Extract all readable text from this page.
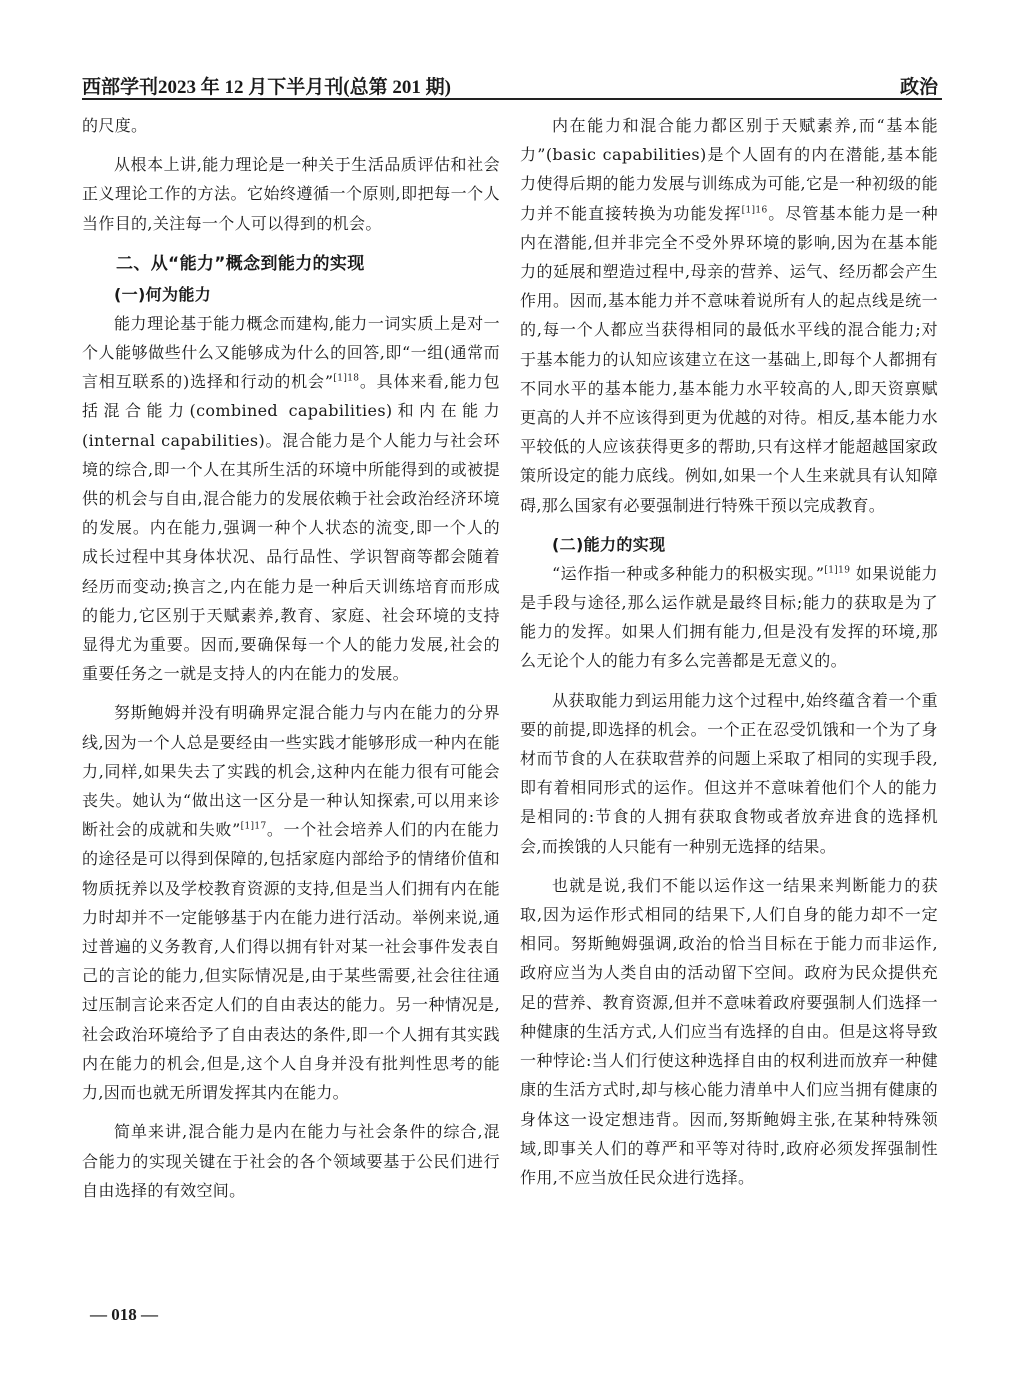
西部学刊2023 年 12 月下半月刊(总第 201 期)	政治

的尺度。

从根本上讲,能力理论是一种关于生活品质评估和社会正义理论工作的方法。它始终遵循一个原则,即把每一个人当作目的,关注每一个人可以得到的机会。

二、从“能力”概念到能力的实现
(一)何为能力

能力理论基于能力概念而建构,能力一词实质上是对一个人能够做些什么又能够成为什么的回答,即“一组(通常而言相互联系的)选择和行动的机会”$^{[1]18}$。具体来看,能力包括混合能力(combined capabilities)和内在能力(internal capabilities)。混合能力是个人能力与社会环境的综合,即一个人在其所生活的环境中所能得到的或被提供的机会与自由,混合能力的发展依赖于社会政治经济环境的发展。内在能力,强调一种个人状态的流变,即一个人的成长过程中其身体状况、品行品性、学识智商等都会随着经历而变动;换言之,内在能力是一种后天训练培育而形成的能力,它区别于天赋素养,教育、家庭、社会环境的支持显得尤为重要。因而,要确保每一个人的能力发展,社会的重要任务之一就是支持人的内在能力的发展。

努斯鲍姆并没有明确界定混合能力与内在能力的分界线,因为一个人总是要经由一些实践才能够形成一种内在能力,同样,如果失去了实践的机会,这种内在能力很有可能会丧失。她认为“做出这一区分是一种认知探索,可以用来诊断社会的成就和失败”$^{[1]17}$。一个社会培养人们的内在能力的途径是可以得到保障的,包括家庭内部给予的情绪价值和物质抚养以及学校教育资源的支持,但是当人们拥有内在能力时却并不一定能够基于内在能力进行活动。举例来说,通过普遍的义务教育,人们得以拥有针对某一社会事件发表自己的言论的能力,但实际情况是,由于某些需要,社会往往通过压制言论来否定人们的自由表达的能力。另一种情况是,社会政治环境给予了自由表达的条件,即一个人拥有其实践内在能力的机会,但是,这个人自身并没有批判性思考的能力,因而也就无所谓发挥其内在能力。

简单来讲,混合能力是内在能力与社会条件的综合,混合能力的实现关键在于社会的各个领域要基于公民们进行自由选择的有效空间。

内在能力和混合能力都区别于天赋素养,而“基本能力”(basic capabilities)是个人固有的内在潜能,基本能力使得后期的能力发展与训练成为可能,它是一种初级的能力并不能直接转换为功能发挥$^{[1]16}$。尽管基本能力是一种内在潜能,但并非完全不受外界环境的影响,因为在基本能力的延展和塑造过程中,母亲的营养、运气、经历都会产生作用。因而,基本能力并不意味着说所有人的起点线是统一的,每一个人都应当获得相同的最低水平线的混合能力;对于基本能力的认知应该建立在这一基础上,即每个人都拥有不同水平的基本能力,基本能力水平较高的人,即天资禀赋更高的人并不应该得到更为优越的对待。相反,基本能力水平较低的人应该获得更多的帮助,只有这样才能超越国家政策所设定的能力底线。例如,如果一个人生来就具有认知障碍,那么国家有必要强制进行特殊干预以完成教育。

(二)能力的实现

“运作指一种或多种能力的积极实现。”$^{[1]19}$ 如果说能力是手段与途径,那么运作就是最终目标;能力的获取是为了能力的发挥。如果人们拥有能力,但是没有发挥的环境,那么无论个人的能力有多么完善都是无意义的。

从获取能力到运用能力这个过程中,始终蕴含着一个重要的前提,即选择的机会。一个正在忍受饥饿和一个为了身材而节食的人在获取营养的问题上采取了相同的实现手段,即有着相同形式的运作。但这并不意味着他们个人的能力是相同的:节食的人拥有获取食物或者放弃进食的选择机会,而挨饿的人只能有一种别无选择的结果。

也就是说,我们不能以运作这一结果来判断能力的获取,因为运作形式相同的结果下,人们自身的能力却不一定相同。努斯鲍姆强调,政治的恰当目标在于能力而非运作,政府应当为人类自由的活动留下空间。政府为民众提供充足的营养、教育资源,但并不意味着政府要强制人们选择一种健康的生活方式,人们应当有选择的自由。但是这将导致一种悖论:当人们行使这种选择自由的权利进而放弃一种健康的生活方式时,却与核心能力清单中人们应当拥有健康的身体这一设定想违背。因而,努斯鲍姆主张,在某种特殊领域,即事关人们的尊严和平等对待时,政府必须发挥强制性作用,不应当放任民众进行选择。

— 018 —
